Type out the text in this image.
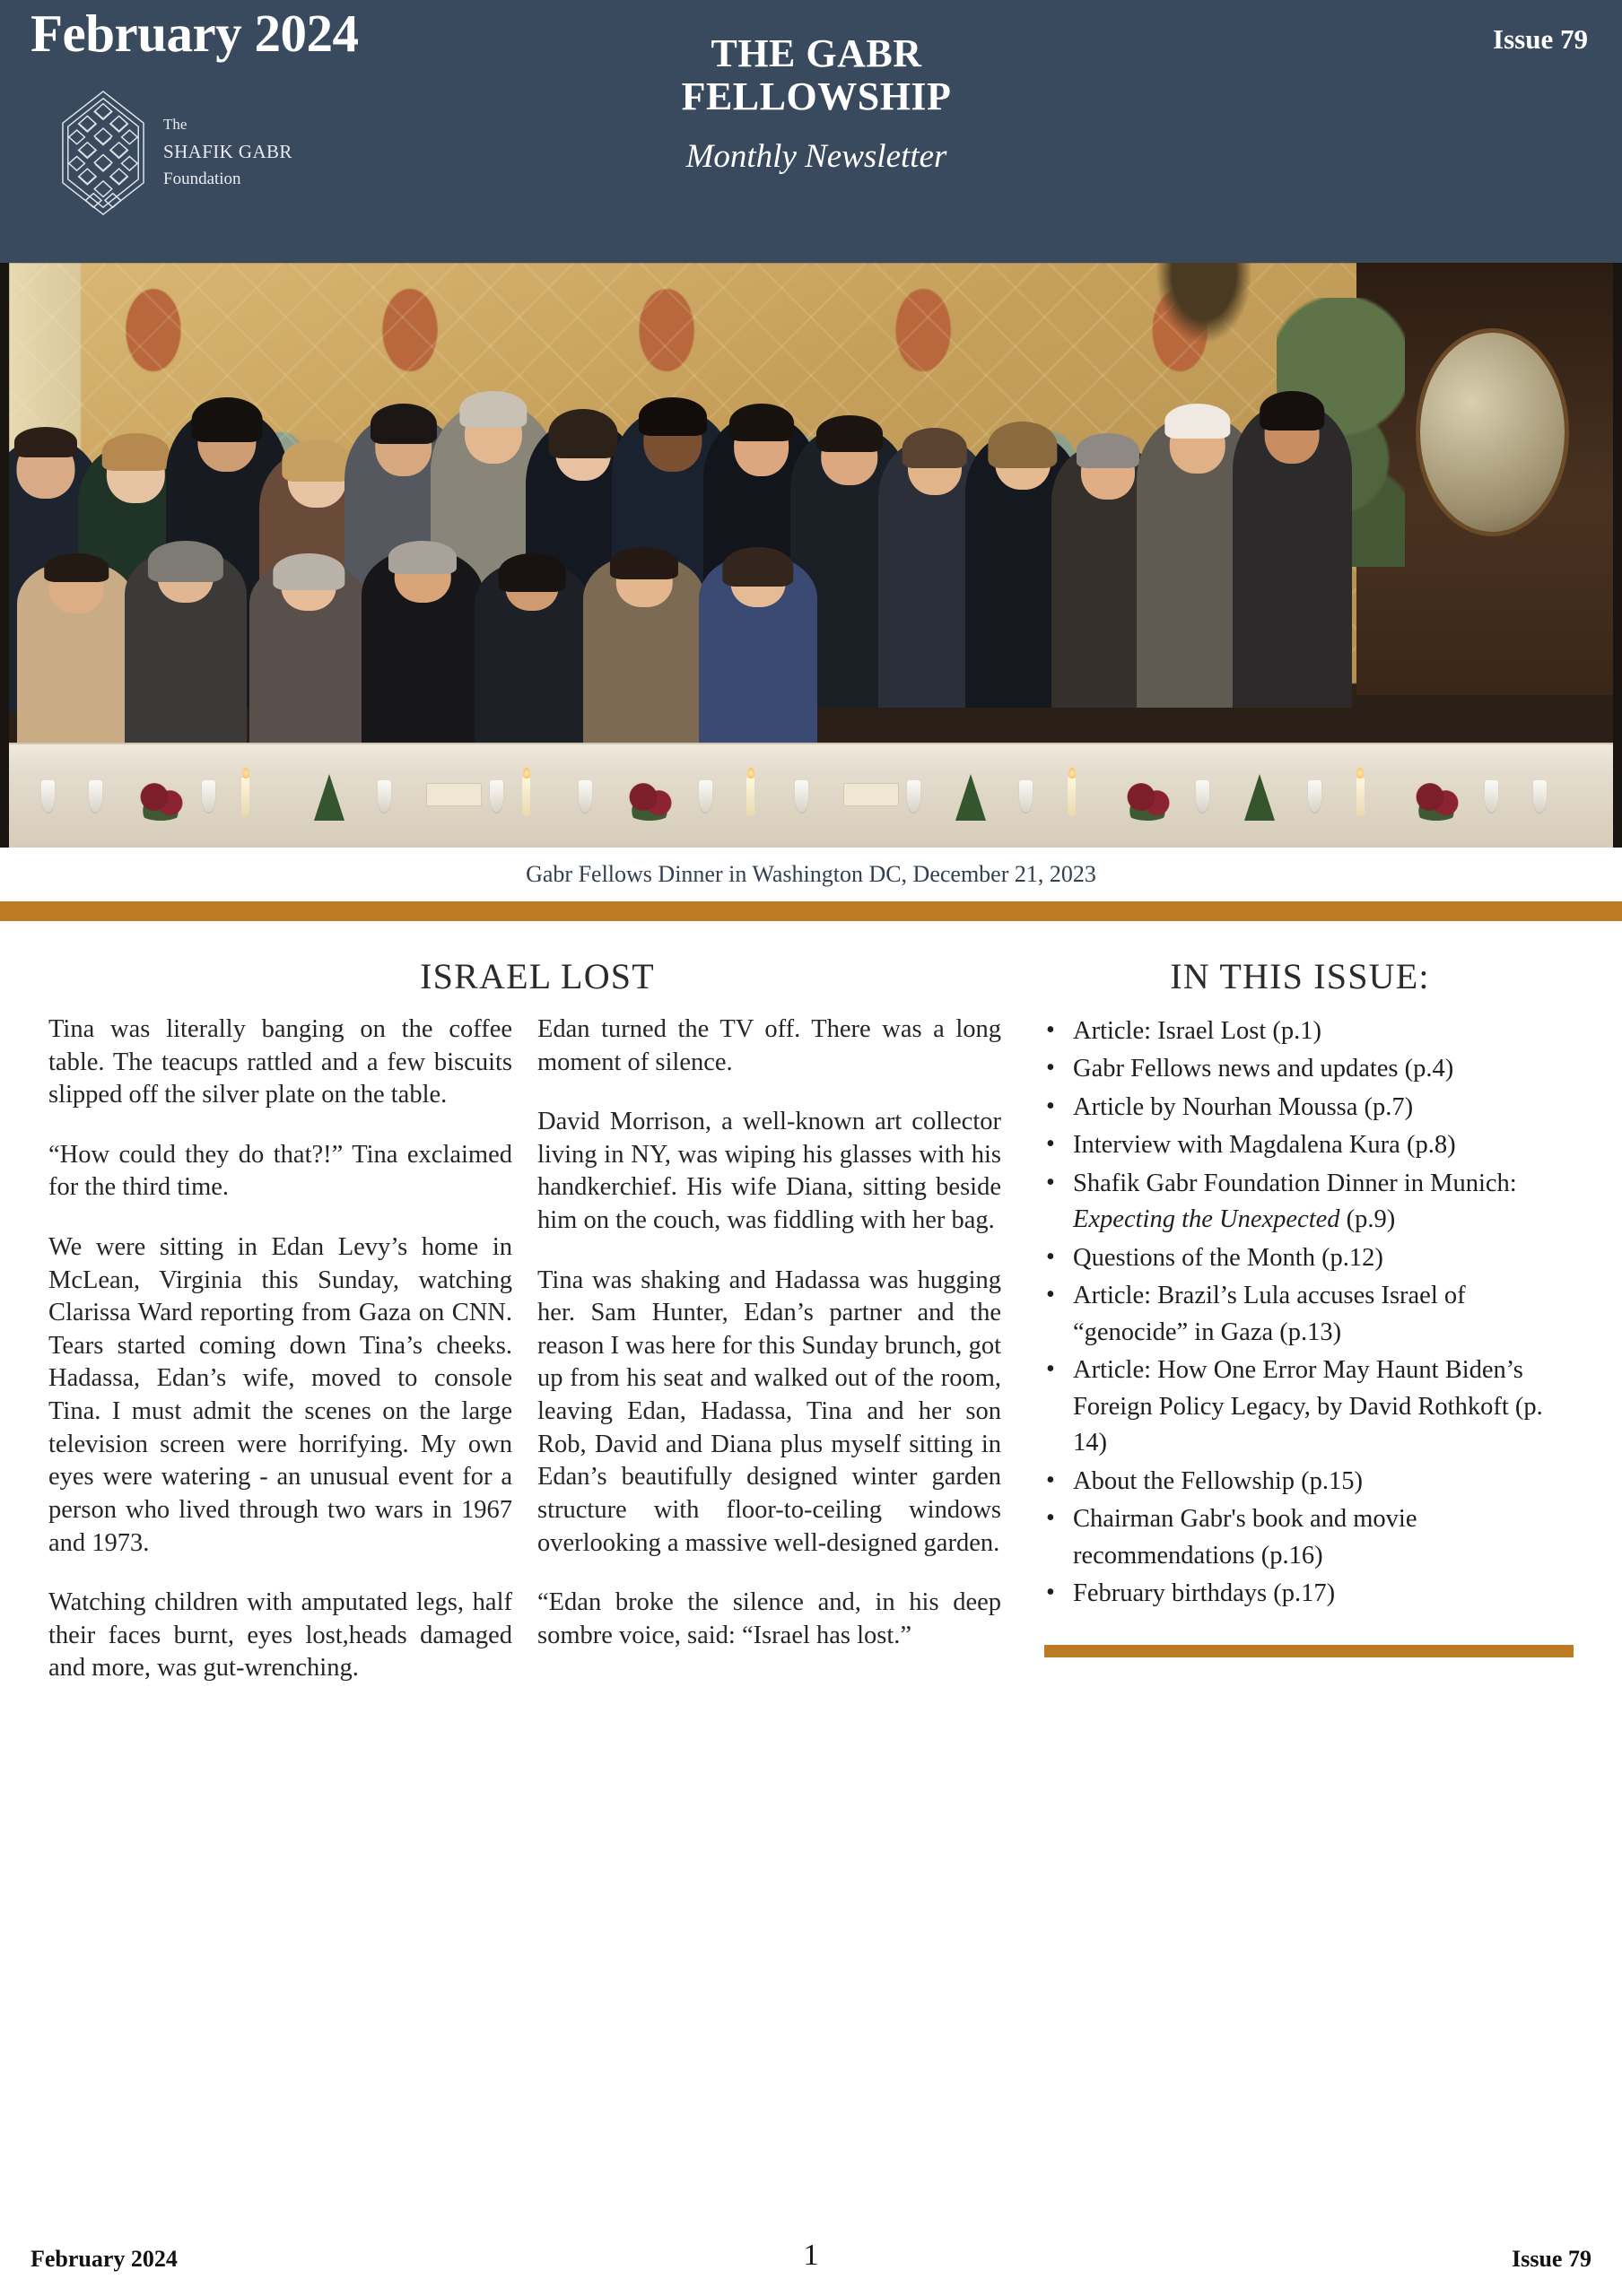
February 2024	Issue 79
THE GABR
FELLOWSHIP
Monthly Newsletter
The
SHAFIK GABR
Foundation
Gabr Fellows Dinner in Washington DC, December 21, 2023
ISRAEL LOST	IN THIS ISSUE:

Tina was literally banging on the coffee table. The teacups rattled and a few biscuits slipped off the silver plate on the table.

“How could they do that?!” Tina exclaimed for the third time.

We were sitting in Edan Levy’s home in McLean, Virginia this Sunday, watching Clarissa Ward reporting from Gaza on CNN. Tears started coming down Tina’s cheeks. Hadassa, Edan’s wife, moved to console Tina. I must admit the scenes on the large television screen were horrifying. My own eyes were watering - an unusual event for a person who lived through two wars in 1967 and 1973.

Watching children with amputated legs, half their faces burnt, eyes lost,heads damaged and more, was gut-wrenching.

Edan turned the TV off. There was a long moment of silence.

David Morrison, a well-known art collector living in NY, was wiping his glasses with his handkerchief. His wife Diana, sitting beside him on the couch, was fiddling with her bag.

Tina was shaking and Hadassa was hugging her. Sam Hunter, Edan’s partner and the reason I was here for this Sunday brunch, got up from his seat and walked out of the room, leaving Edan, Hadassa, Tina and her son Rob, David and Diana plus myself sitting in Edan’s beautifully designed winter garden structure with floor-to-ceiling windows overlooking a massive well-designed garden.

“Edan broke the silence and, in his deep sombre voice, said: “Israel has lost.”

• Article: Israel Lost (p.1)
• Gabr Fellows news and updates (p.4)
• Article by Nourhan Moussa (p.7)
• Interview with Magdalena Kura (p.8)
• Shafik Gabr Foundation Dinner in Munich: Expecting the Unexpected (p.9)
• Questions of the Month (p.12)
• Article: Brazil’s Lula accuses Israel of “genocide” in Gaza (p.13)
• Article: How One Error May Haunt Biden’s Foreign Policy Legacy, by David Rothkoft (p. 14)
• About the Fellowship (p.15)
• Chairman Gabr's book and movie recommendations (p.16)
• February birthdays (p.17)
February 2024	1	Issue 79
